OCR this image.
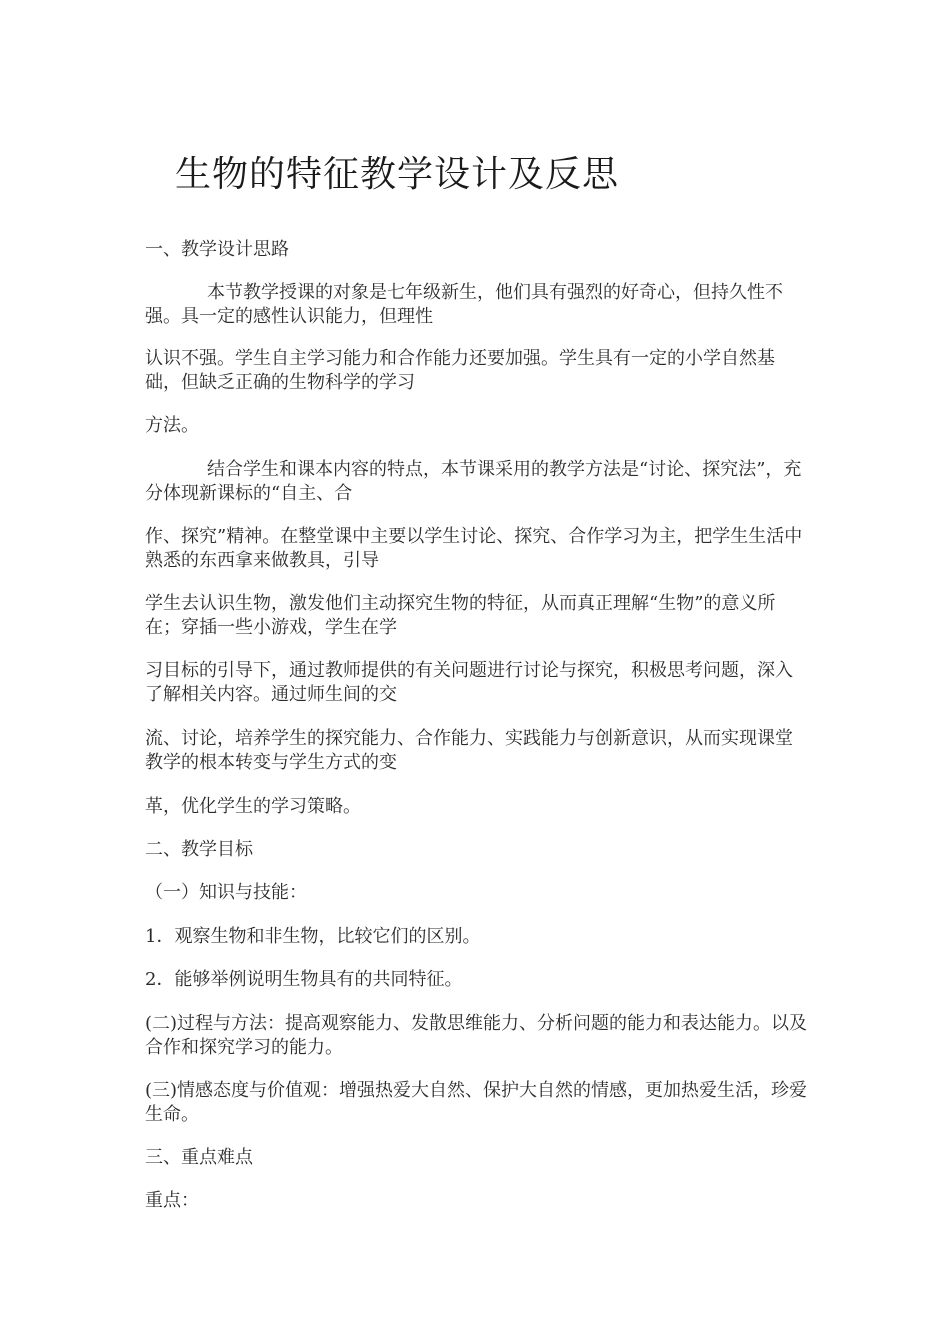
生物的特征教学设计及反思

一、教学设计思路

本节教学授课的对象是七年级新生，他们具有强烈的好奇心，但持久性不强。具一定的感性认识能力，但理性

认识不强。学生自主学习能力和合作能力还要加强。学生具有一定的小学自然基础，但缺乏正确的生物科学的学习

方法。

结合学生和课本内容的特点，本节课采用的教学方法是“讨论、探究法”，充分体现新课标的“自主、合

作、探究”精神。在整堂课中主要以学生讨论、探究、合作学习为主，把学生生活中熟悉的东西拿来做教具，引导

学生去认识生物，激发他们主动探究生物的特征，从而真正理解“生物”的意义所在；穿插一些小游戏，学生在学

习目标的引导下，通过教师提供的有关问题进行讨论与探究，积极思考问题，深入了解相关内容。通过师生间的交

流、讨论，培养学生的探究能力、合作能力、实践能力与创新意识，从而实现课堂教学的根本转变与学生方式的变

革，优化学生的学习策略。

二、教学目标

（一）知识与技能：

1．观察生物和非生物，比较它们的区别。

2．能够举例说明生物具有的共同特征。

(二)过程与方法：提高观察能力、发散思维能力、分析问题的能力和表达能力。以及合作和探究学习的能力。

(三)情感态度与价值观：增强热爱大自然、保护大自然的情感，更加热爱生活，珍爱生命。

三、重点难点

重点：
